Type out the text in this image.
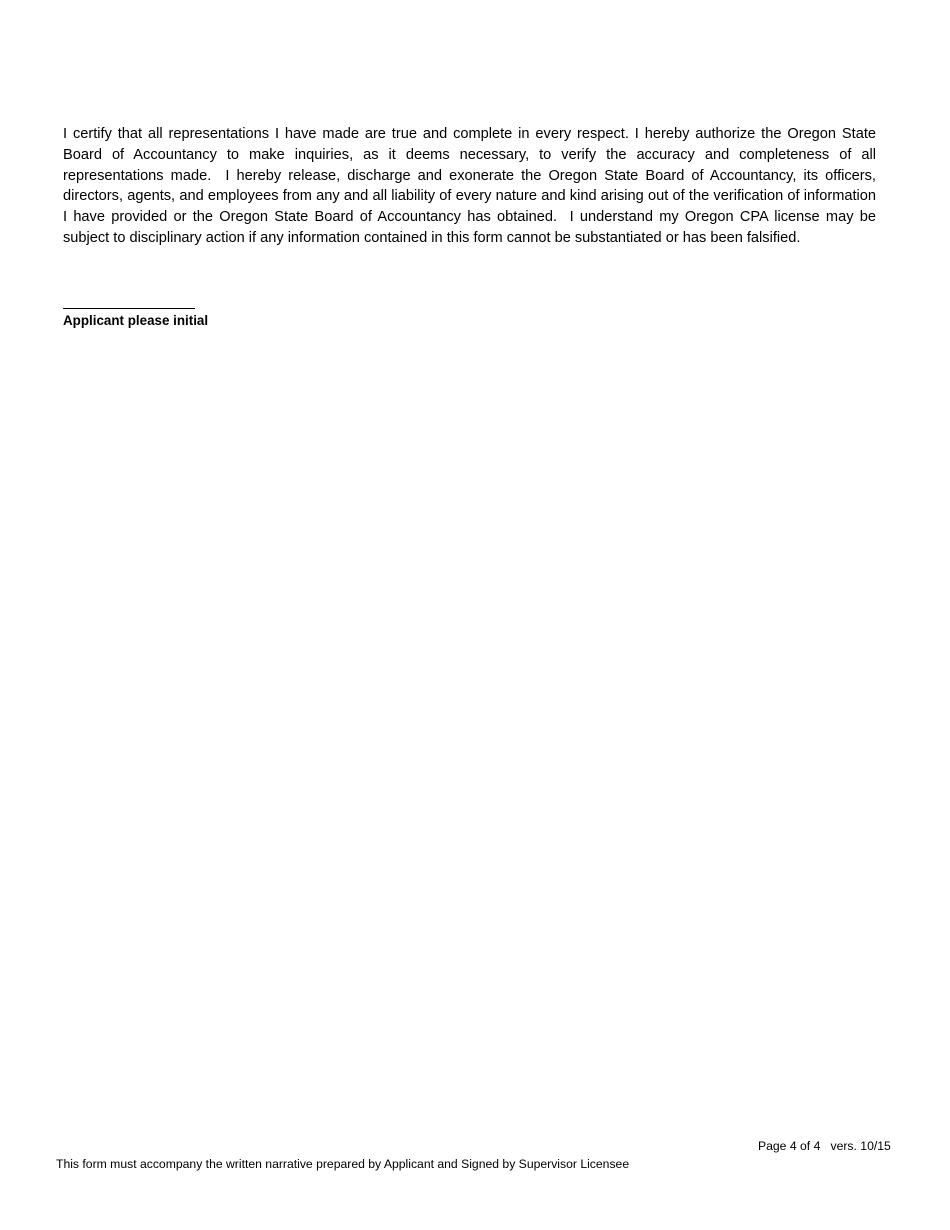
I certify that all representations I have made are true and complete in every respect. I hereby authorize the Oregon State Board of Accountancy to make inquiries, as it deems necessary, to verify the accuracy and completeness of all representations made.  I hereby release, discharge and exonerate the Oregon State Board of Accountancy, its officers, directors, agents, and employees from any and all liability of every nature and kind arising out of the verification of information I have provided or the Oregon State Board of Accountancy has obtained.  I understand my Oregon CPA license may be subject to disciplinary action if any information contained in this form cannot be substantiated or has been falsified.

Applicant please initial

Page 4 of 4   vers. 10/15

This form must accompany the written narrative prepared by Applicant and Signed by Supervisor Licensee
